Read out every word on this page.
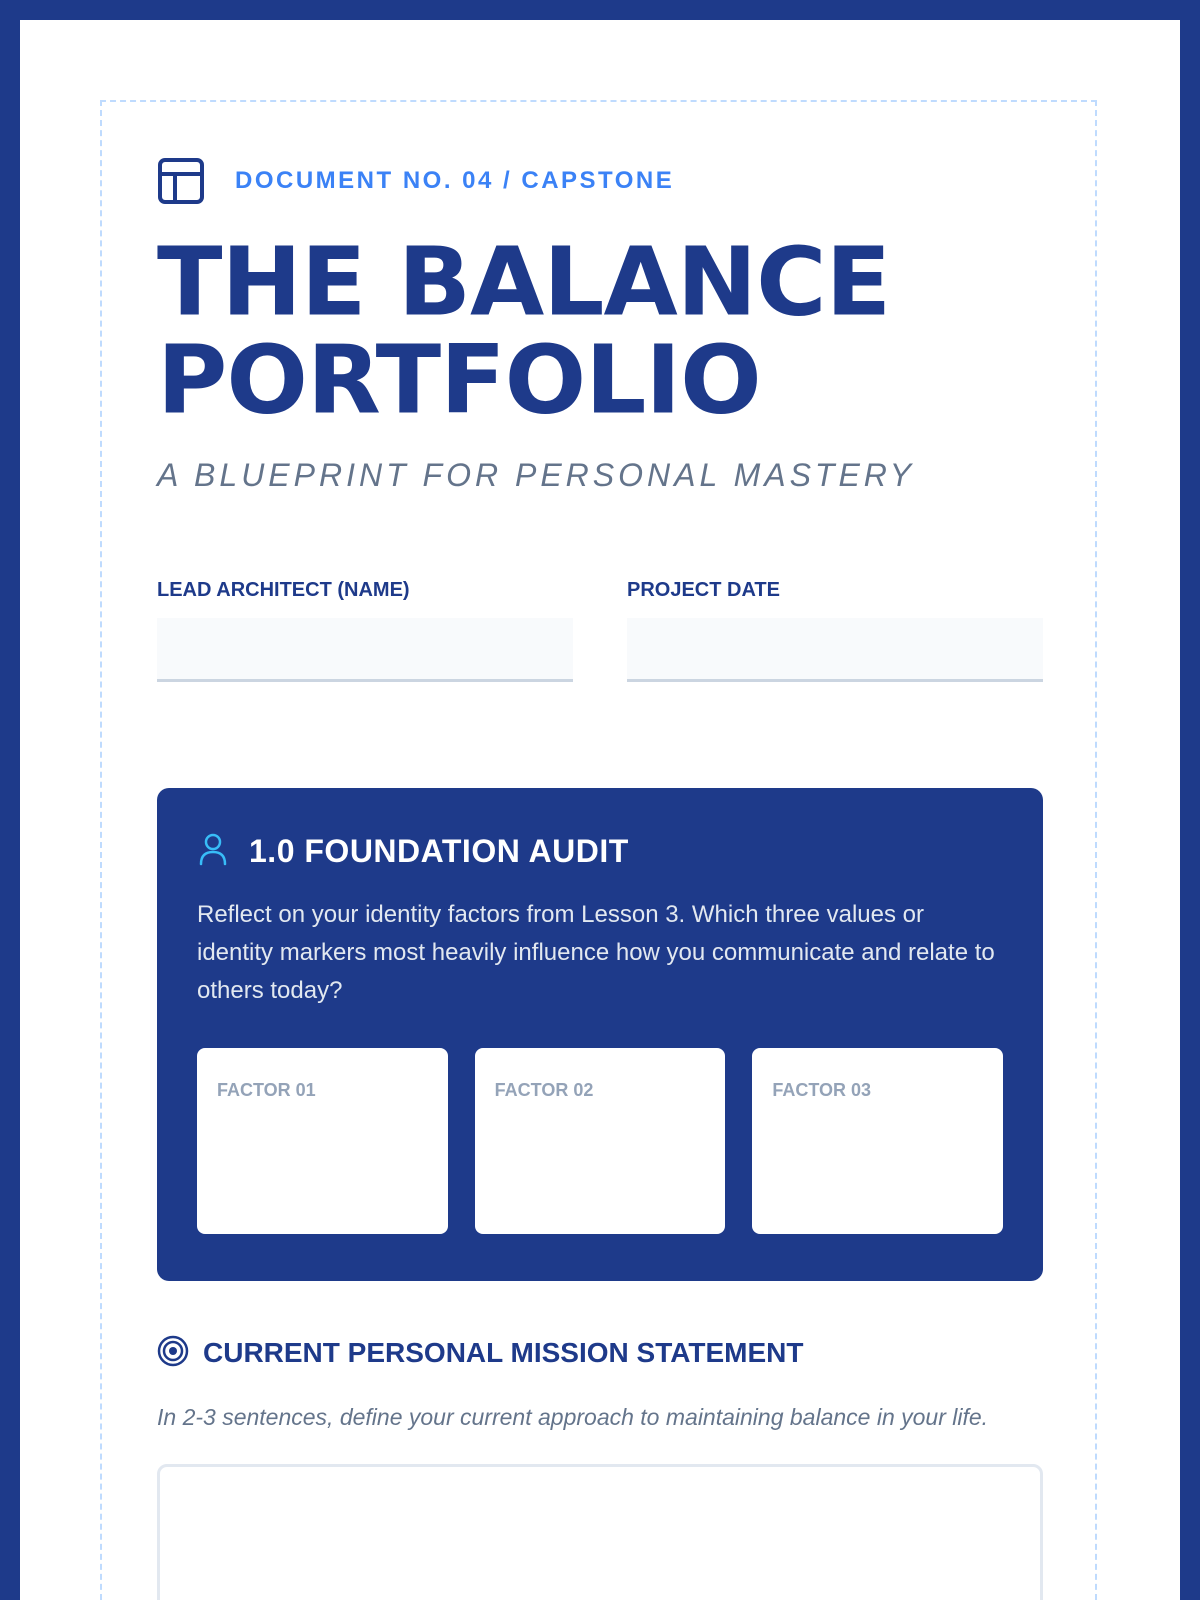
DOCUMENT NO. 04 / CAPSTONE
THE BALANCE
PORTFOLIO
A BLUEPRINT FOR PERSONAL MASTERY
LEAD ARCHITECT (NAME)	PROJECT DATE
1.0 FOUNDATION AUDIT
Reflect on your identity factors from Lesson 3. Which three values or identity markers most heavily influence how you communicate and relate to others today?
FACTOR 01	FACTOR 02	FACTOR 03
CURRENT PERSONAL MISSION STATEMENT
In 2-3 sentences, define your current approach to maintaining balance in your life.
